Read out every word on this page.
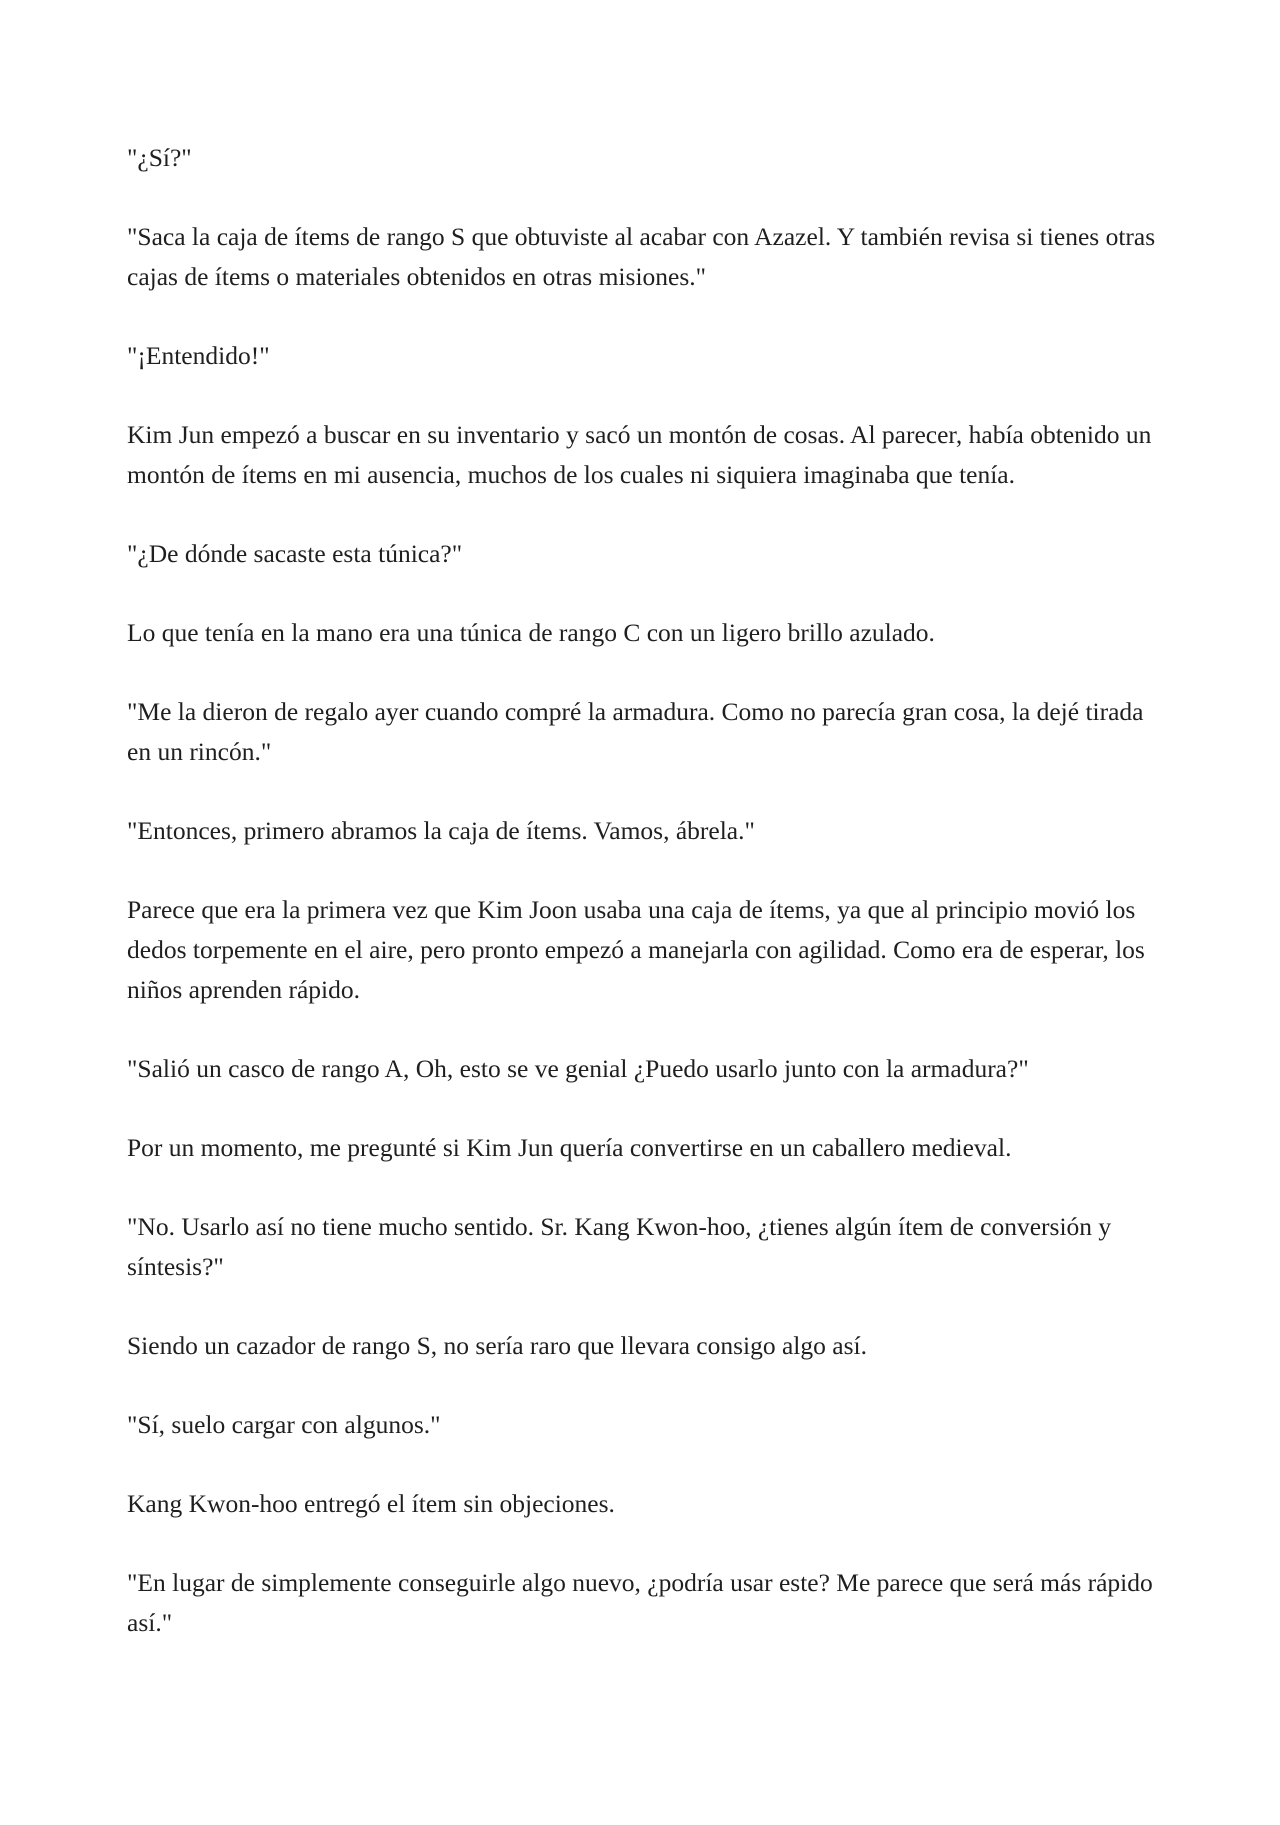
"¿Sí?"

"Saca la caja de ítems de rango S que obtuviste al acabar con Azazel. Y también revisa si tienes otras cajas de ítems o materiales obtenidos en otras misiones."

"¡Entendido!"

Kim Jun empezó a buscar en su inventario y sacó un montón de cosas. Al parecer, había obtenido un montón de ítems en mi ausencia, muchos de los cuales ni siquiera imaginaba que tenía.

"¿De dónde sacaste esta túnica?"

Lo que tenía en la mano era una túnica de rango C con un ligero brillo azulado.

"Me la dieron de regalo ayer cuando compré la armadura. Como no parecía gran cosa, la dejé tirada en un rincón."

"Entonces, primero abramos la caja de ítems. Vamos, ábrela."

Parece que era la primera vez que Kim Joon usaba una caja de ítems, ya que al principio movió los dedos torpemente en el aire, pero pronto empezó a manejarla con agilidad. Como era de esperar, los niños aprenden rápido.

"Salió un casco de rango A, Oh, esto se ve genial ¿Puedo usarlo junto con la armadura?"

Por un momento, me pregunté si Kim Jun quería convertirse en un caballero medieval.

"No. Usarlo así no tiene mucho sentido. Sr. Kang Kwon-hoo, ¿tienes algún ítem de conversión y síntesis?"

Siendo un cazador de rango S, no sería raro que llevara consigo algo así.

"Sí, suelo cargar con algunos."

Kang Kwon-hoo entregó el ítem sin objeciones.

"En lugar de simplemente conseguirle algo nuevo, ¿podría usar este? Me parece que será más rápido así."
